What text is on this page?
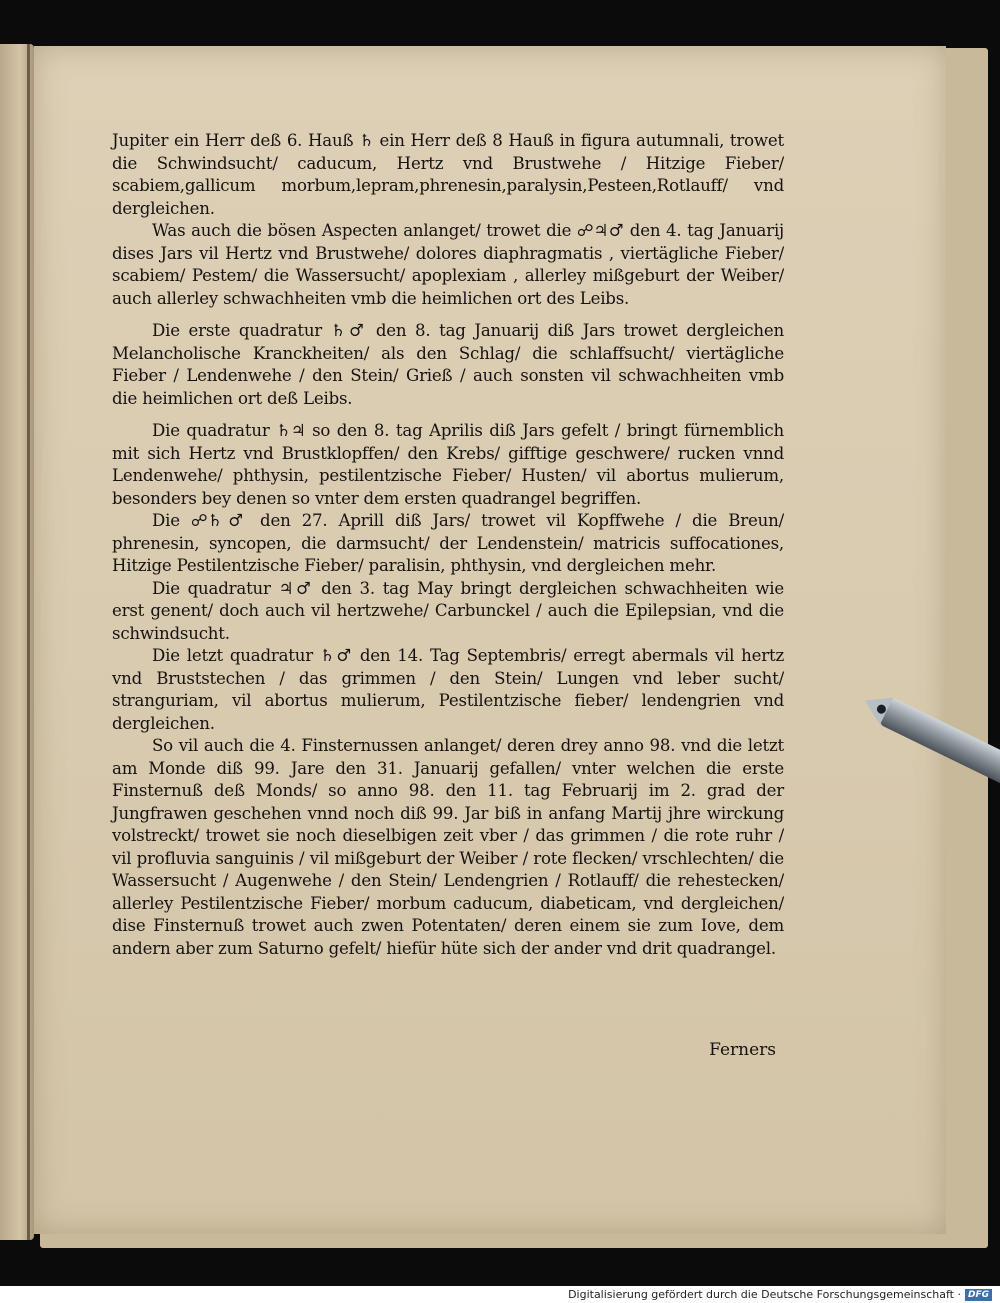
Jupiter ein Herr deß 6. Hauß ♄ ein Herr deß 8 Hauß in figura autumnali, trowet die Schwindsucht/ caducum, Hertz vnd Brustwehe / Hitzige Fieber/ scabiem,gallicum morbum,lepram,phrenesin,paralysin,Pesteen,Rotlauff/ vnd dergleichen.

Was auch die bösen Aspecten anlanget/ trowet die ☍♃♂ den 4. tag Januarij dises Jars vil Hertz vnd Brustwehe/ dolores diaphragmatis , viertägliche Fieber/ scabiem/ Pestem/ die Wassersucht/ apoplexiam , allerley mißgeburt der Weiber/ auch allerley schwachheiten vmb die heimlichen ort des Leibs.

Die erste quadratur ♄♂ den 8. tag Januarij diß Jars trowet dergleichen Melancholische Kranckheiten/ als den Schlag/ die schlaffsucht/ viertägliche Fieber / Lendenwehe / den Stein/ Grieß / auch sonsten vil schwachheiten vmb die heimlichen ort deß Leibs.

Die quadratur ♄♃ so den 8. tag Aprilis diß Jars gefelt / bringt fürnemblich mit sich Hertz vnd Brustklopffen/ den Krebs/ gifftige geschwere/ rucken vnnd Lendenwehe/ phthysin, pestilentzische Fieber/ Husten/ vil abortus mulierum, besonders bey denen so vnter dem ersten quadrangel begriffen.

Die ☍♄♂ den 27. Aprill diß Jars/ trowet vil Kopffwehe / die Breun/ phrenesin, syncopen, die darmsucht/ der Lendenstein/ matricis suffocationes, Hitzige Pestilentzische Fieber/ paralisin, phthysin, vnd dergleichen mehr.

Die quadratur ♃♂ den 3. tag May bringt dergleichen schwachheiten wie erst genent/ doch auch vil hertzwehe/ Carbunckel / auch die Epilepsian, vnd die schwindsucht.

Die letzt quadratur ♄♂ den 14. Tag Septembris/ erregt abermals vil hertz vnd Bruststechen / das grimmen / den Stein/ Lungen vnd leber sucht/ stranguriam, vil abortus mulierum, Pestilentzische fieber/ lendengrien vnd dergleichen.

So vil auch die 4. Finsternussen anlanget/ deren drey anno 98. vnd die letzt am Monde diß 99. Jare den 31. Januarij gefallen/ vnter welchen die erste Finsternuß deß Monds/ so anno 98. den 11. tag Februarij im 2. grad der Jungfrawen geschehen vnnd noch diß 99. Jar biß in anfang Martij jhre wirckung volstreckt/ trowet sie noch dieselbigen zeit vber / das grimmen / die rote ruhr / vil profluvia sanguinis / vil mißgeburt der Weiber / rote flecken/ vrschlechten/ die Wassersucht / Augenwehe / den Stein/ Lendengrien / Rotlauff/ die rehestecken/ allerley Pestilentzische Fieber/ morbum caducum, diabeticam, vnd dergleichen/ dise Finsternuß trowet auch zwen Potentaten/ deren einem sie zum Iove, dem andern aber zum Saturno gefelt/ hiefür hüte sich der ander vnd drit quadrangel.

Ferners
Digitalisierung gefördert durch die Deutsche Forschungsgemeinschaft · DFG
